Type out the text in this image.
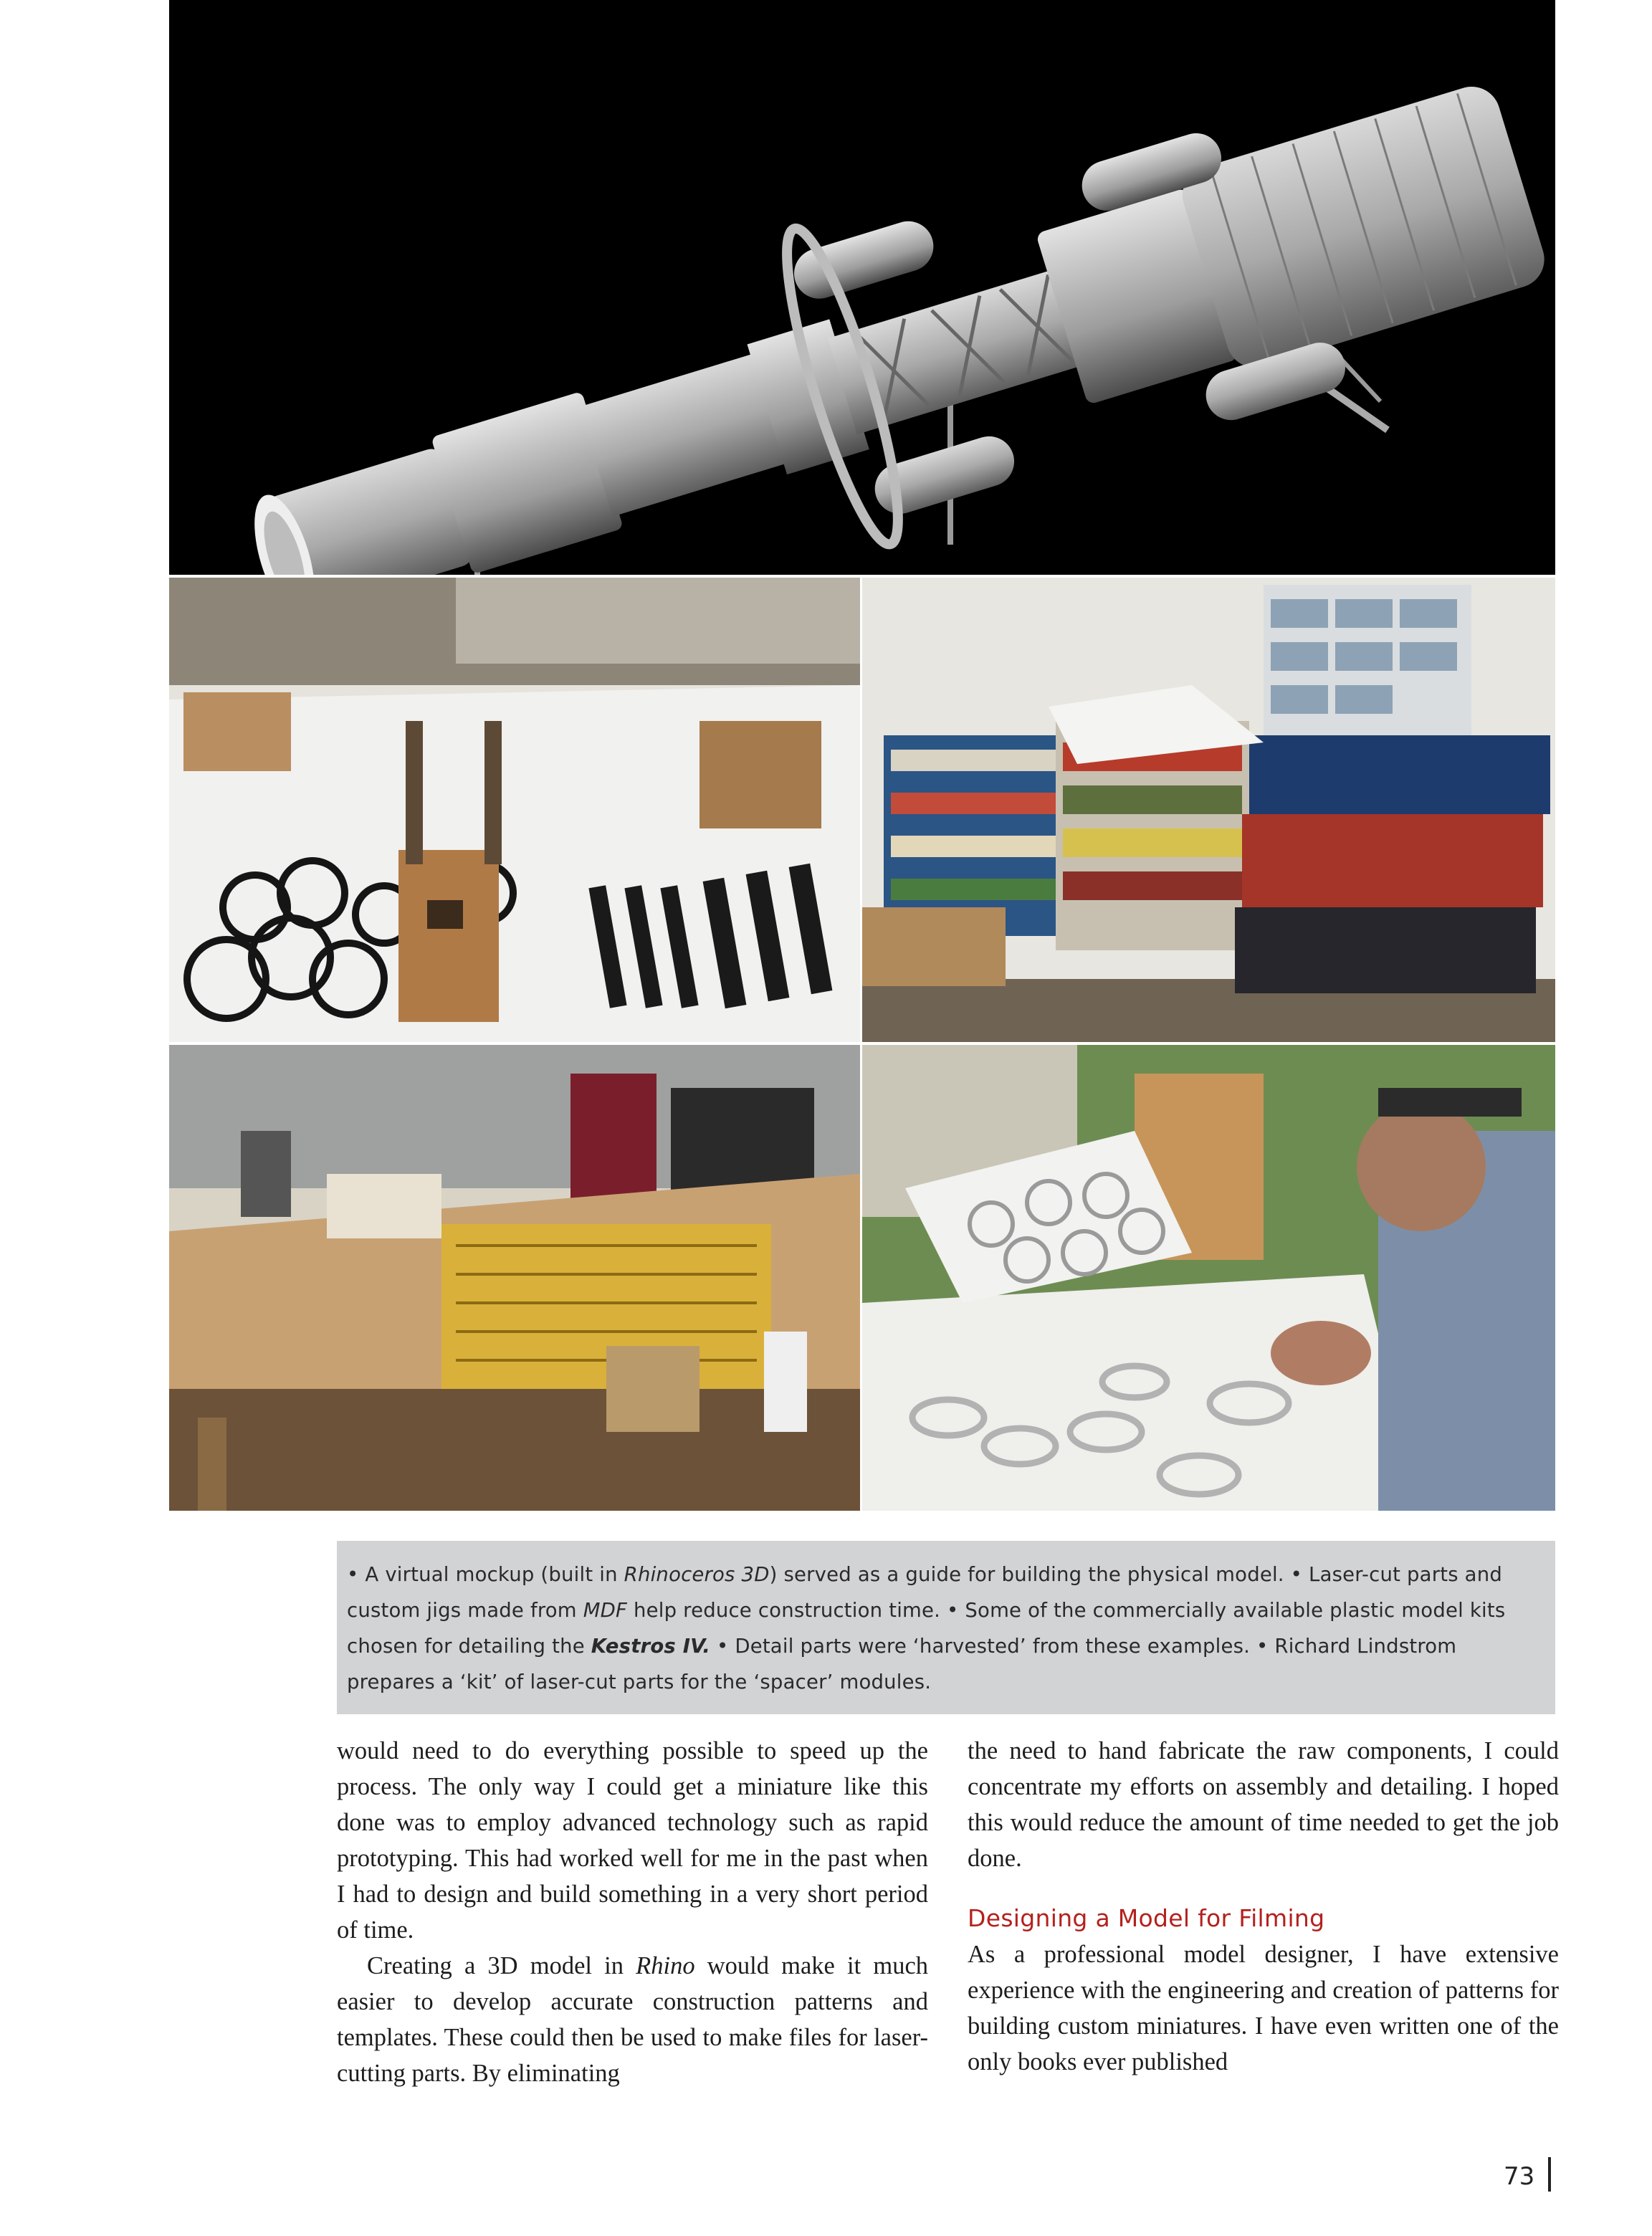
• A virtual mockup (built in Rhinoceros 3D) served as a guide for building the physical model. • Laser-cut parts and custom jigs made from MDF help reduce construction time. • Some of the commercially available plastic model kits chosen for detailing the Kestros IV. • Detail parts were ‘harvested’ from these examples. • Richard Lindstrom prepares a ‘kit’ of laser-cut parts for the ‘spacer’ modules.

would need to do everything possible to speed up the process. The only way I could get a miniature like this done was to employ advanced technology such as rapid prototyping. This had worked well for me in the past when I had to design and build something in a very short period of time.

Creating a 3D model in Rhino would make it much easier to develop accurate construction patterns and templates. These could then be used to make files for laser-cutting parts. By eliminating

the need to hand fabricate the raw components, I could concentrate my efforts on assembly and detailing. I hoped this would reduce the amount of time needed to get the job done.

Designing a Model for Filming

As a professional model designer, I have extensive experience with the engineering and creation of patterns for building custom miniatures. I have even written one of the only books ever published

73
